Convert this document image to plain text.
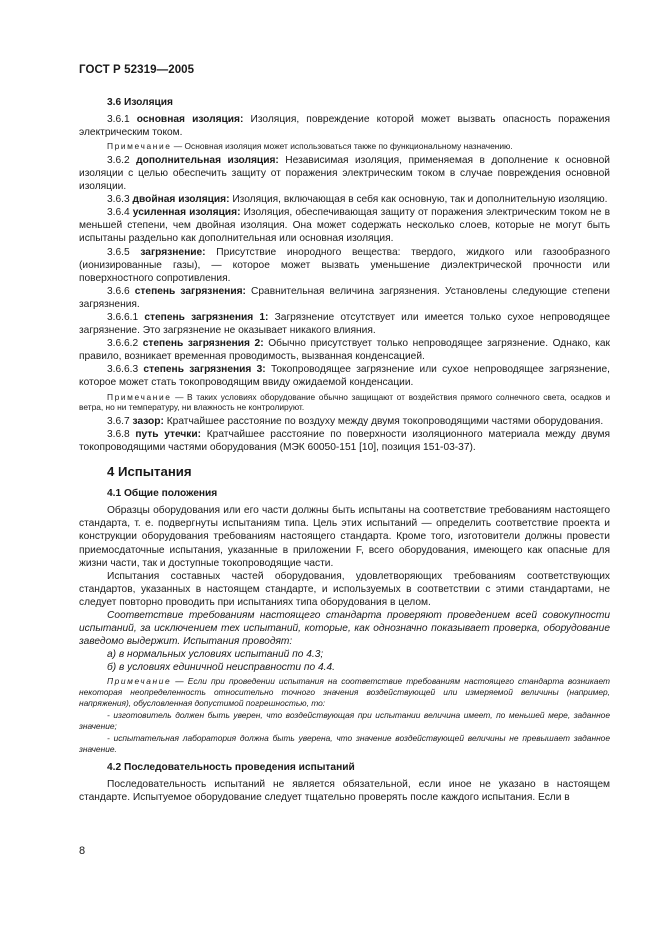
ГОСТ Р 52319—2005

3.6 Изоляция

3.6.1 основная изоляция: Изоляция, повреждение которой может вызвать опасность поражения электрическим током.

Примечание — Основная изоляция может использоваться также по функциональному назначению.

3.6.2 дополнительная изоляция: Независимая изоляция, применяемая в дополнение к основной изоляции с целью обеспечить защиту от поражения электрическим током в случае повреждения основной изоляции.

3.6.3 двойная изоляция: Изоляция, включающая в себя как основную, так и дополнительную изоляцию.

3.6.4 усиленная изоляция: Изоляция, обеспечивающая защиту от поражения электрическим током не в меньшей степени, чем двойная изоляция. Она может содержать несколько слоев, которые не могут быть испытаны раздельно как дополнительная или основная изоляция.

3.6.5 загрязнение: Присутствие инородного вещества: твердого, жидкого или газообразного (ионизированные газы), — которое может вызвать уменьшение диэлектрической прочности или поверхностного сопротивления.

3.6.6 степень загрязнения: Сравнительная величина загрязнения. Установлены следующие степени загрязнения.

3.6.6.1 степень загрязнения 1: Загрязнение отсутствует или имеется только сухое непроводящее загрязнение. Это загрязнение не оказывает никакого влияния.

3.6.6.2 степень загрязнения 2: Обычно присутствует только непроводящее загрязнение. Однако, как правило, возникает временная проводимость, вызванная конденсацией.

3.6.6.3 степень загрязнения 3: Токопроводящее загрязнение или сухое непроводящее загрязнение, которое может стать токопроводящим ввиду ожидаемой конденсации.

Примечание — В таких условиях оборудование обычно защищают от воздействия прямого солнечного света, осадков и ветра, но ни температуру, ни влажность не контролируют.

3.6.7 зазор: Кратчайшее расстояние по воздуху между двумя токопроводящими частями оборудования.

3.6.8 путь утечки: Кратчайшее расстояние по поверхности изоляционного материала между двумя токопроводящими частями оборудования (МЭК 60050-151 [10], позиция 151-03-37).

4 Испытания

4.1 Общие положения

Образцы оборудования или его части должны быть испытаны на соответствие требованиям настоящего стандарта, т. е. подвергнуты испытаниям типа. Цель этих испытаний — определить соответствие проекта и конструкции оборудования требованиям настоящего стандарта. Кроме того, изготовители должны провести приемосдаточные испытания, указанные в приложении F, всего оборудования, имеющего как опасные для жизни части, так и доступные токопроводящие части.

Испытания составных частей оборудования, удовлетворяющих требованиям соответствующих стандартов, указанных в настоящем стандарте, и используемых в соответствии с этими стандартами, не следует повторно проводить при испытаниях типа оборудования в целом.

Соответствие требованиям настоящего стандарта проверяют проведением всей совокупности испытаний, за исключением тех испытаний, которые, как однозначно показывает проверка, оборудование заведомо выдержит. Испытания проводят:

а) в нормальных условиях испытаний по 4.3;

б) в условиях единичной неисправности по 4.4.

Примечание — Если при проведении испытания на соответствие требованиям настоящего стандарта возникает некоторая неопределенность относительно точного значения воздействующей или измеряемой величины (например, напряжения), обусловленная допустимой погрешностью, то:

- изготовитель должен быть уверен, что воздействующая при испытании величина имеет, по меньшей мере, заданное значение;

- испытательная лаборатория должна быть уверена, что значение воздействующей величины не превышает заданное значение.

4.2 Последовательность проведения испытаний

Последовательность испытаний не является обязательной, если иное не указано в настоящем стандарте. Испытуемое оборудование следует тщательно проверять после каждого испытания. Если в

8
